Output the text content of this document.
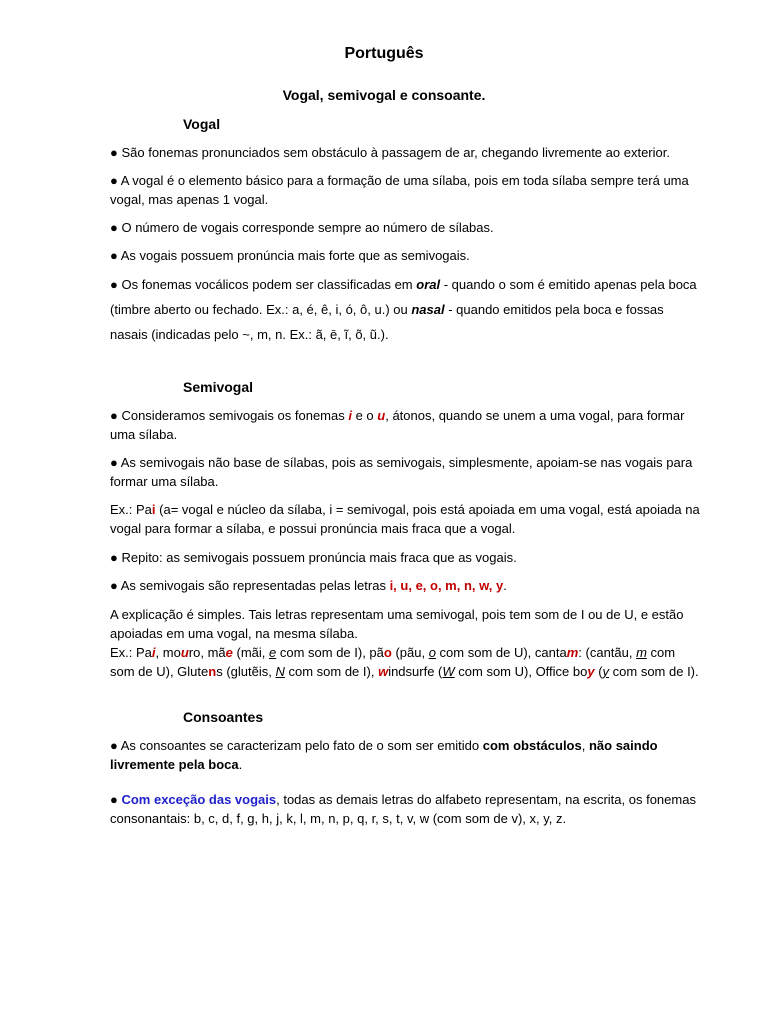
Português
Vogal, semivogal e consoante.
Vogal

● São fonemas pronunciados sem obstáculo à passagem de ar, chegando livremente ao exterior.

● A vogal é o elemento básico para a formação de uma sílaba, pois em toda sílaba sempre terá uma vogal, mas apenas 1 vogal.

● O número de vogais corresponde sempre ao número de sílabas.

● As vogais possuem pronúncia mais forte que as semivogais.

● Os fonemas vocálicos podem ser classificadas em oral - quando o som é emitido apenas pela boca (timbre aberto ou fechado. Ex.: a, é, ê, i, ó, ô, u.) ou nasal - quando emitidos pela boca e fossas nasais (indicadas pelo ~, m, n. Ex.: ã, ē, ĩ, õ, ũ.).

Semivogal

● Consideramos semivogais os fonemas i e o u, átonos, quando se unem a uma vogal, para formar uma sílaba.

● As semivogais não base de sílabas, pois as semivogais, simplesmente, apoiam-se nas vogais para formar uma sílaba.

Ex.: Pai (a= vogal e núcleo da sílaba, i = semivogal, pois está apoiada em uma vogal, está apoiada na vogal para formar a sílaba, e possui pronúncia mais fraca que a vogal.

● Repito: as semivogais possuem pronúncia mais fraca que as vogais.

● As semivogais são representadas pelas letras i, u, e, o, m, n, w, y.

A explicação é simples. Tais letras representam uma semivogal, pois tem som de I ou de U, e estão apoiadas em uma vogal, na mesma sílaba.
Ex.: Pai, mouro, mãe (mãi, e com som de I), pão (pãu, o com som de U), cantam: (cantãu, m com som de U), Glutens (glutẽis, N com som de I), windsurfe (W com som U), Office boy (y com som de I).

Consoantes

● As consoantes se caracterizam pelo fato de o som ser emitido com obstáculos, não saindo livremente pela boca.

● Com exceção das vogais, todas as demais letras do alfabeto representam, na escrita, os fonemas consonantais: b, c, d, f, g, h, j, k, l, m, n, p, q, r, s, t, v, w (com som de v), x, y, z.
